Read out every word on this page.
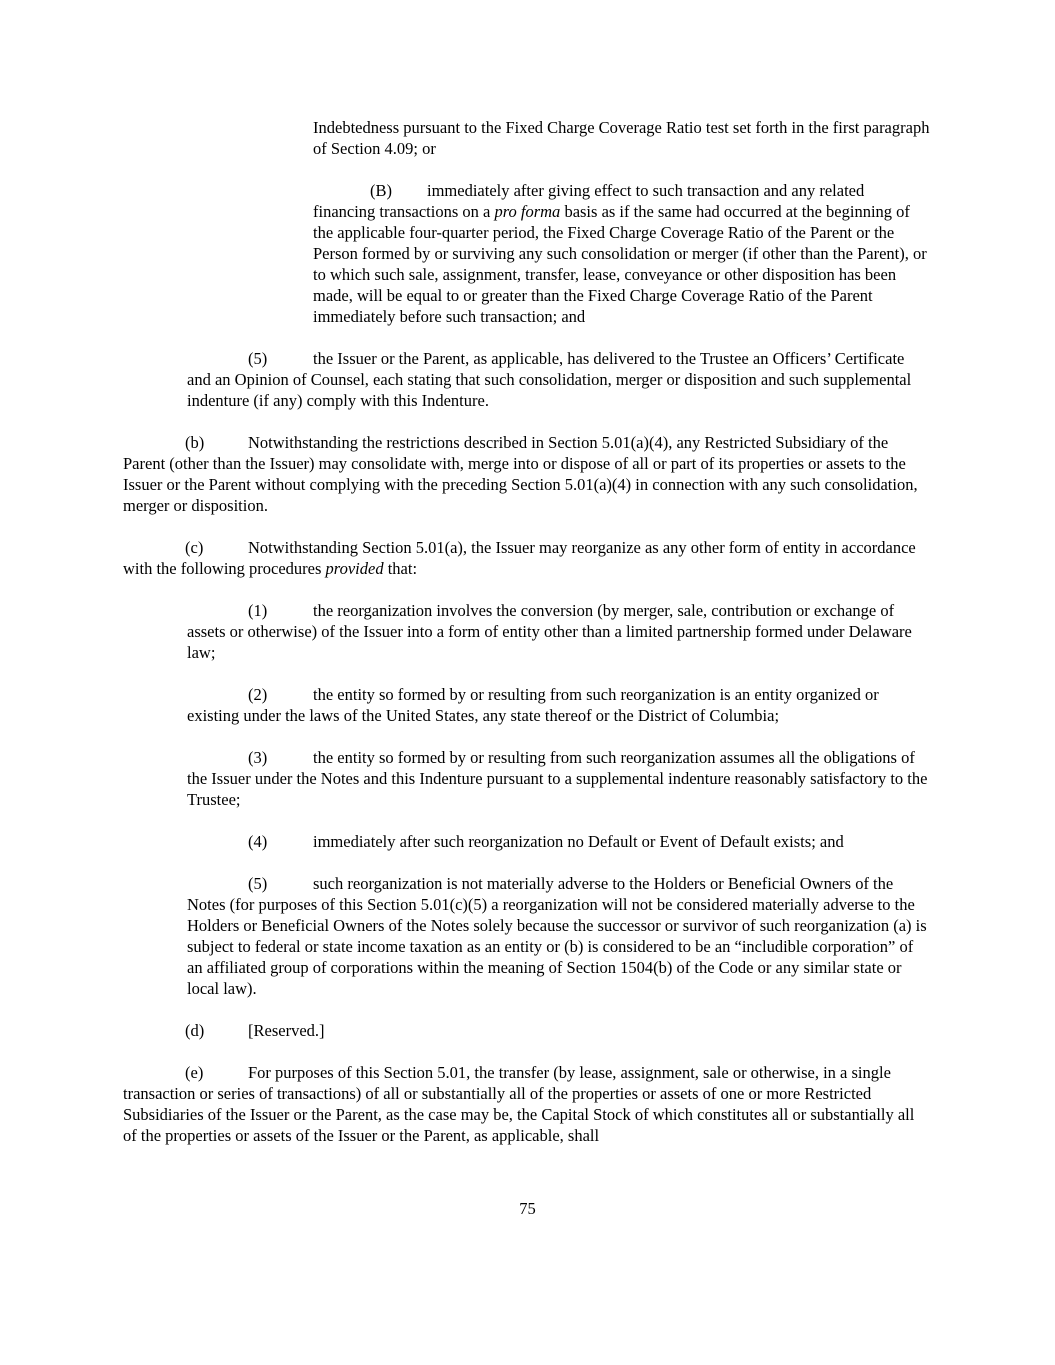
Indebtedness pursuant to the Fixed Charge Coverage Ratio test set forth in the first paragraph of Section 4.09; or
(B) immediately after giving effect to such transaction and any related financing transactions on a pro forma basis as if the same had occurred at the beginning of the applicable four-quarter period, the Fixed Charge Coverage Ratio of the Parent or the Person formed by or surviving any such consolidation or merger (if other than the Parent), or to which such sale, assignment, transfer, lease, conveyance or other disposition has been made, will be equal to or greater than the Fixed Charge Coverage Ratio of the Parent immediately before such transaction; and
(5)	the Issuer or the Parent, as applicable, has delivered to the Trustee an Officers’ Certificate and an Opinion of Counsel, each stating that such consolidation, merger or disposition and such supplemental indenture (if any) comply with this Indenture.
(b)	Notwithstanding the restrictions described in Section 5.01(a)(4), any Restricted Subsidiary of the Parent (other than the Issuer) may consolidate with, merge into or dispose of all or part of its properties or assets to the Issuer or the Parent without complying with the preceding Section 5.01(a)(4) in connection with any such consolidation, merger or disposition.
(c)	Notwithstanding Section 5.01(a), the Issuer may reorganize as any other form of entity in accordance with the following procedures provided that:
(1)	the reorganization involves the conversion (by merger, sale, contribution or exchange of assets or otherwise) of the Issuer into a form of entity other than a limited partnership formed under Delaware law;
(2)	the entity so formed by or resulting from such reorganization is an entity organized or existing under the laws of the United States, any state thereof or the District of Columbia;
(3)	the entity so formed by or resulting from such reorganization assumes all the obligations of the Issuer under the Notes and this Indenture pursuant to a supplemental indenture reasonably satisfactory to the Trustee;
(4)	immediately after such reorganization no Default or Event of Default exists; and
(5)	such reorganization is not materially adverse to the Holders or Beneficial Owners of the Notes (for purposes of this Section 5.01(c)(5) a reorganization will not be considered materially adverse to the Holders or Beneficial Owners of the Notes solely because the successor or survivor of such reorganization (a) is subject to federal or state income taxation as an entity or (b) is considered to be an “includible corporation” of an affiliated group of corporations within the meaning of Section 1504(b) of the Code or any similar state or local law).
(d)	[Reserved.]
(e)	For purposes of this Section 5.01, the transfer (by lease, assignment, sale or otherwise, in a single transaction or series of transactions) of all or substantially all of the properties or assets of one or more Restricted Subsidiaries of the Issuer or the Parent, as the case may be, the Capital Stock of which constitutes all or substantially all of the properties or assets of the Issuer or the Parent, as applicable, shall
75
